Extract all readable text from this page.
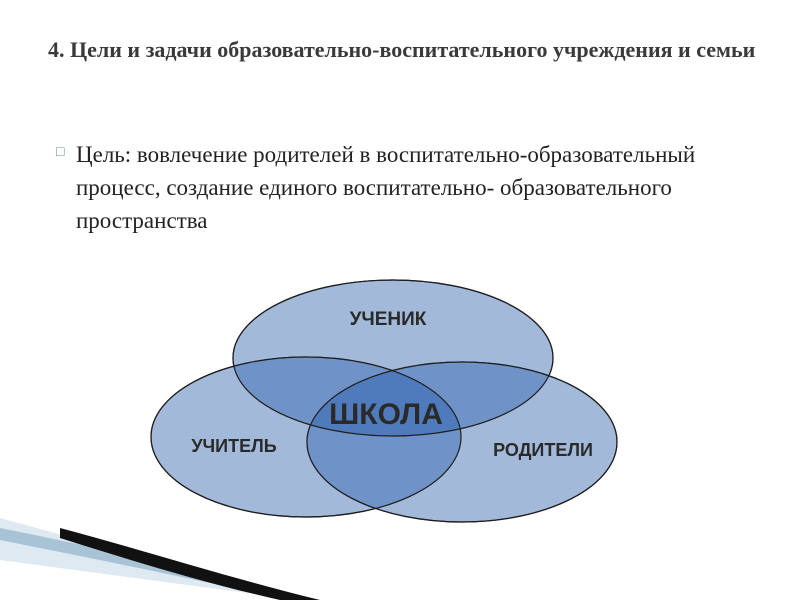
4. Цели и задачи образовательно-воспитательного учреждения и семьи
□ Цель: вовлечение родителей в воспитательно-образовательный процесс, создание единого воспитательно- образовательного пространства
УЧЕНИК
УЧИТЕЛЬ	РОДИТЕЛИ
ШКОЛА
